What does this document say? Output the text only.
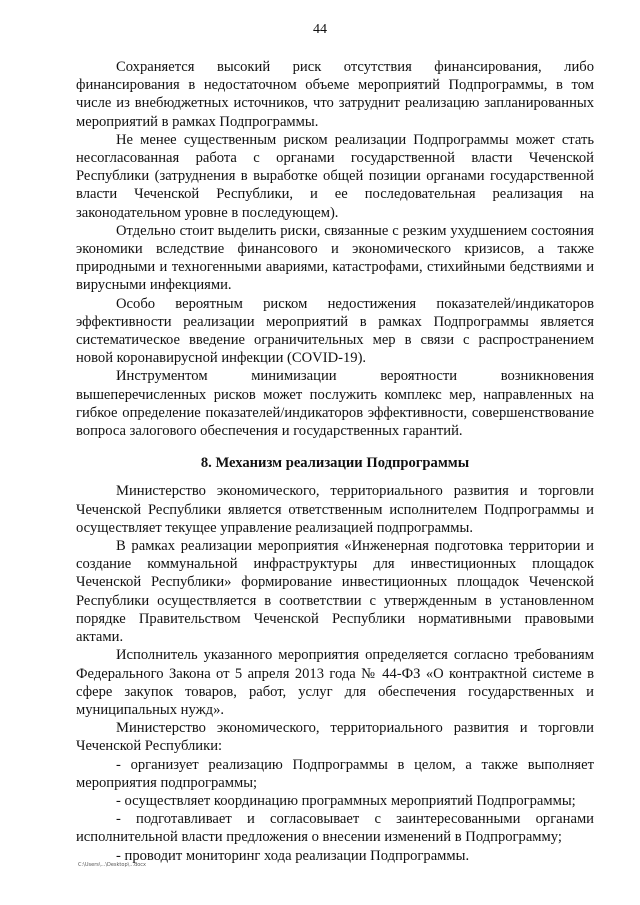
44

Сохраняется высокий риск отсутствия финансирования, либо финансирования в недостаточном объеме мероприятий Подпрограммы, в том числе из внебюджетных источников, что затруднит реализацию запланированных мероприятий в рамках Подпрограммы.

Не менее существенным риском реализации Подпрограммы может стать несогласованная работа с органами государственной власти Чеченской Республики (затруднения в выработке общей позиции органами государственной власти Чеченской Республики, и ее последовательная реализация на законодательном уровне в последующем).

Отдельно стоит выделить риски, связанные с резким ухудшением состояния экономики вследствие финансового и экономического кризисов, а также природными и техногенными авариями, катастрофами, стихийными бедствиями и вирусными инфекциями.

Особо вероятным риском недостижения показателей/индикаторов эффективности реализации мероприятий в рамках Подпрограммы является систематическое введение ограничительных мер в связи с распространением новой коронавирусной инфекции (COVID-19).

Инструментом минимизации вероятности возникновения вышеперечисленных рисков может послужить комплекс мер, направленных на гибкое определение показателей/индикаторов эффективности, совершенствование вопроса залогового обеспечения и государственных гарантий.

8. Механизм реализации Подпрограммы

Министерство экономического, территориального развития и торговли Чеченской Республики является ответственным исполнителем Подпрограммы и осуществляет текущее управление реализацией подпрограммы.

В рамках реализации мероприятия «Инженерная подготовка территории и создание коммунальной инфраструктуры для инвестиционных площадок Чеченской Республики» формирование инвестиционных площадок Чеченской Республики осуществляется в соответствии с утвержденным в установленном порядке Правительством Чеченской Республики нормативными правовыми актами.

Исполнитель указанного мероприятия определяется согласно требованиям Федерального Закона от 5 апреля 2013 года № 44-ФЗ «О контрактной системе в сфере закупок товаров, работ, услуг для обеспечения государственных и муниципальных нужд».

Министерство экономического, территориального развития и торговли Чеченской Республики:

- организует реализацию Подпрограммы в целом, а также выполняет мероприятия подпрограммы;

- осуществляет координацию программных мероприятий Подпрограммы;

- подготавливает и согласовывает с заинтересованными органами исполнительной власти предложения о внесении изменений в Подпрограмму;

- проводит мониторинг хода реализации Подпрограммы.

C:\Users\...\Desktop\...docx
